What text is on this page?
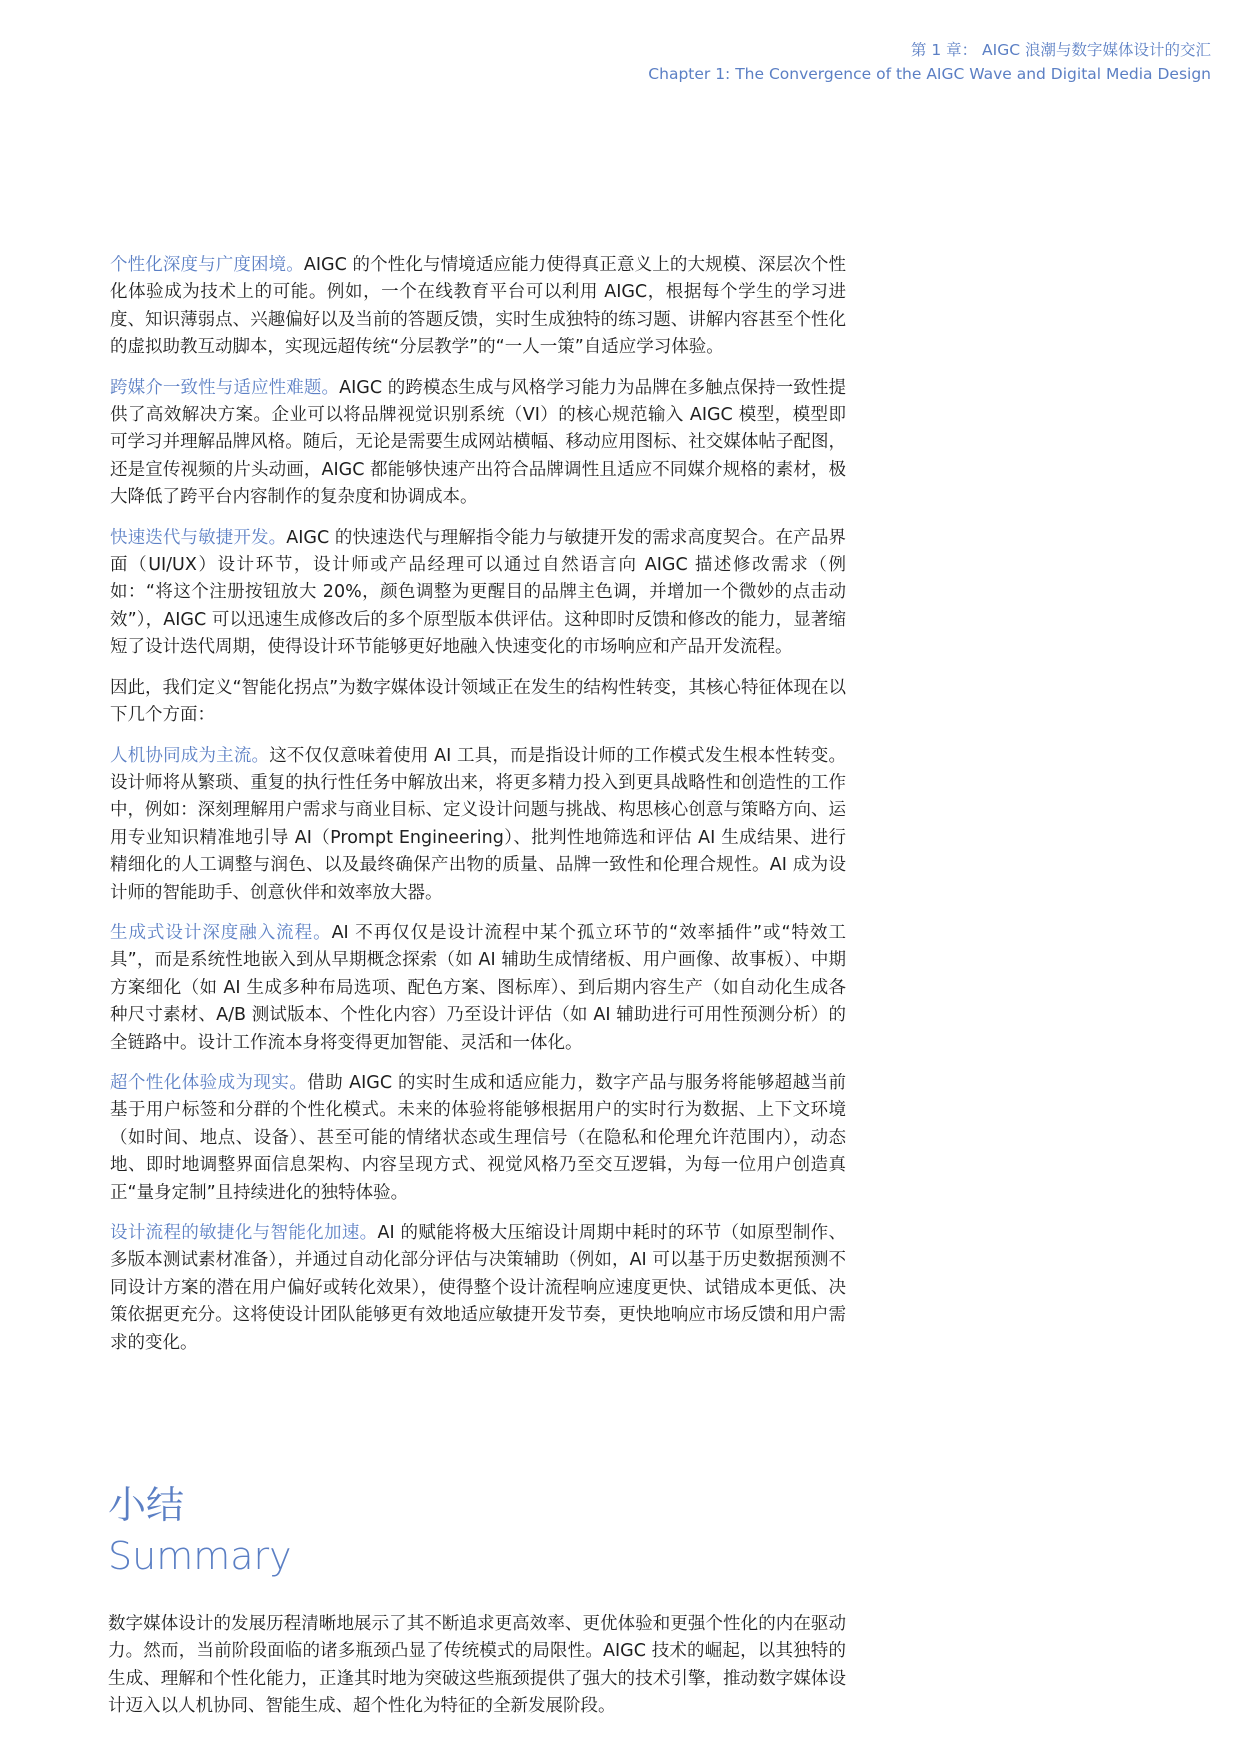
第 1 章： AIGC 浪潮与数字媒体设计的交汇
Chapter 1: The Convergence of the AIGC Wave and Digital Media Design

个性化深度与广度困境。AIGC 的个性化与情境适应能力使得真正意义上的大规模、深层次个性化体验成为技术上的可能。例如，一个在线教育平台可以利用 AIGC，根据每个学生的学习进度、知识薄弱点、兴趣偏好以及当前的答题反馈，实时生成独特的练习题、讲解内容甚至个性化的虚拟助教互动脚本，实现远超传统“分层教学”的“一人一策”自适应学习体验。

跨媒介一致性与适应性难题。AIGC 的跨模态生成与风格学习能力为品牌在多触点保持一致性提供了高效解决方案。企业可以将品牌视觉识别系统（VI）的核心规范输入 AIGC 模型，模型即可学习并理解品牌风格。随后，无论是需要生成网站横幅、移动应用图标、社交媒体帖子配图，还是宣传视频的片头动画，AIGC 都能够快速产出符合品牌调性且适应不同媒介规格的素材，极大降低了跨平台内容制作的复杂度和协调成本。

快速迭代与敏捷开发。AIGC 的快速迭代与理解指令能力与敏捷开发的需求高度契合。在产品界面（UI/UX）设计环节，设计师或产品经理可以通过自然语言向 AIGC 描述修改需求（例如：“将这个注册按钮放大 20%，颜色调整为更醒目的品牌主色调，并增加一个微妙的点击动效”），AIGC 可以迅速生成修改后的多个原型版本供评估。这种即时反馈和修改的能力，显著缩短了设计迭代周期，使得设计环节能够更好地融入快速变化的市场响应和产品开发流程。

因此，我们定义“智能化拐点”为数字媒体设计领域正在发生的结构性转变，其核心特征体现在以下几个方面：

人机协同成为主流。这不仅仅意味着使用 AI 工具，而是指设计师的工作模式发生根本性转变。设计师将从繁琐、重复的执行性任务中解放出来，将更多精力投入到更具战略性和创造性的工作中，例如：深刻理解用户需求与商业目标、定义设计问题与挑战、构思核心创意与策略方向、运用专业知识精准地引导 AI（Prompt Engineering）、批判性地筛选和评估 AI 生成结果、进行精细化的人工调整与润色、以及最终确保产出物的质量、品牌一致性和伦理合规性。AI 成为设计师的智能助手、创意伙伴和效率放大器。

生成式设计深度融入流程。AI 不再仅仅是设计流程中某个孤立环节的“效率插件”或“特效工具”，而是系统性地嵌入到从早期概念探索（如 AI 辅助生成情绪板、用户画像、故事板）、中期方案细化（如 AI 生成多种布局选项、配色方案、图标库）、到后期内容生产（如自动化生成各种尺寸素材、A/B 测试版本、个性化内容）乃至设计评估（如 AI 辅助进行可用性预测分析）的全链路中。设计工作流本身将变得更加智能、灵活和一体化。

超个性化体验成为现实。借助 AIGC 的实时生成和适应能力，数字产品与服务将能够超越当前基于用户标签和分群的个性化模式。未来的体验将能够根据用户的实时行为数据、上下文环境（如时间、地点、设备）、甚至可能的情绪状态或生理信号（在隐私和伦理允许范围内），动态地、即时地调整界面信息架构、内容呈现方式、视觉风格乃至交互逻辑，为每一位用户创造真正“量身定制”且持续进化的独特体验。

设计流程的敏捷化与智能化加速。AI 的赋能将极大压缩设计周期中耗时的环节（如原型制作、多版本测试素材准备），并通过自动化部分评估与决策辅助（例如，AI 可以基于历史数据预测不同设计方案的潜在用户偏好或转化效果），使得整个设计流程响应速度更快、试错成本更低、决策依据更充分。这将使设计团队能够更有效地适应敏捷开发节奏，更快地响应市场反馈和用户需求的变化。

小结
Summary

数字媒体设计的发展历程清晰地展示了其不断追求更高效率、更优体验和更强个性化的内在驱动力。然而，当前阶段面临的诸多瓶颈凸显了传统模式的局限性。AIGC 技术的崛起，以其独特的生成、理解和个性化能力，正逢其时地为突破这些瓶颈提供了强大的技术引擎，推动数字媒体设计迈入以人机协同、智能生成、超个性化为特征的全新发展阶段。
